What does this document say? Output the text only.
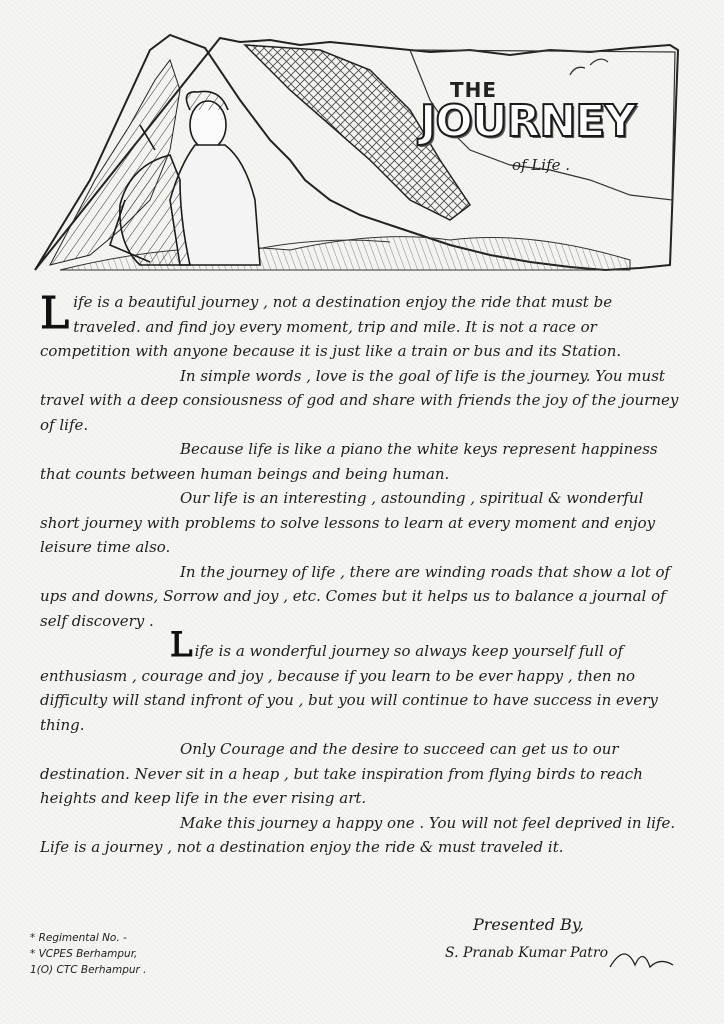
THE
JOURNEY
of Life .

Life is a beautiful journey , not a destination enjoy the ride that must be traveled. and find joy every moment, trip and mile. It is not a race or competition with anyone because it is just like a train or bus and its Station.

In simple words , love is the goal of life is the journey. You must travel with a deep consiousness of god and share with friends the joy of the journey of life.

Because life is like a piano the white keys represent happiness that counts between human beings and being human.

Our life is an interesting , astounding , spiritual & wonderful short journey with problems to solve lessons to learn at every moment and enjoy leisure time also.

In the journey of life , there are winding roads that show a lot of ups and downs, Sorrow and joy , etc. Comes but it helps us to balance a journal of self discovery .

Life is a wonderful journey so always keep yourself full of enthusiasm , courage and joy , because if you learn to be ever happy , then no difficulty will stand infront of you , but you will continue to have success in every thing.

Only Courage and the desire to succeed can get us to our destination. Never sit in a heap , but take inspiration from flying birds to reach heights and keep life in the ever rising art.

Make this journey a happy one . You will not feel deprived in life. Life is a journey , not a destination enjoy the ride & must traveled it.

* Regimental No. -
* VCPES Berhampur,
1(O) CTC Berhampur .
Presented By,
S. Pranab Kumar Patro
